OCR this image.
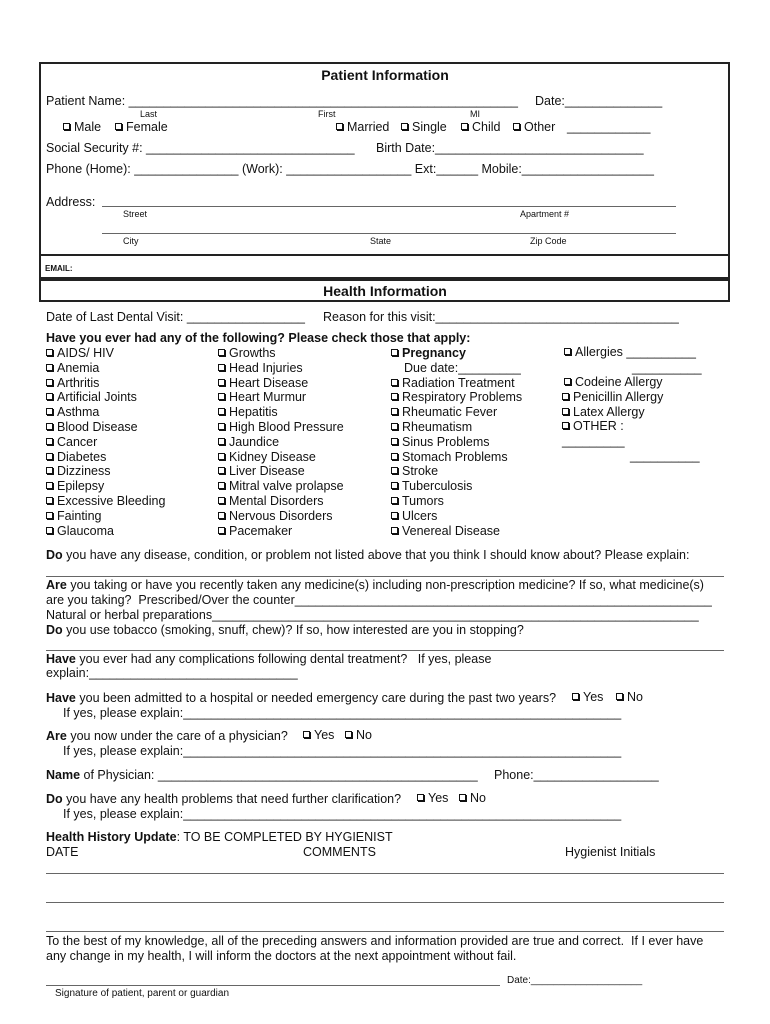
Patient Information
Patient Name: ________________________________________________________ Date:______________
Last	First	MI
Male	Female	Married	Single	Child	Other ____________
Social Security #: ______________________________ Birth Date:______________________________
Phone (Home): _______________ (Work): __________________ Ext:______ Mobile:___________________
Address:
Street	Apartment #
City	State	Zip Code
EMAIL:
Health Information
Date of Last Dental Visit: _________________ Reason for this visit:___________________________________
Have you ever had any of the following? Please check those that apply:
AIDS/ HIV
Anemia
Arthritis
Artificial Joints
Asthma
Blood Disease
Cancer
Diabetes
Dizziness
Epilepsy
Excessive Bleeding
Fainting
Glaucoma
Growths
Head Injuries
Heart Disease
Heart Murmur
Hepatitis
High Blood Pressure
Jaundice
Kidney Disease
Liver Disease
Mitral valve prolapse
Mental Disorders
Nervous Disorders
Pacemaker
Pregnancy
Due date:_________
Radiation Treatment
Respiratory Problems
Rheumatic Fever
Rheumatism
Sinus Problems
Stomach Problems
Stroke
Tuberculosis
Tumors
Ulcers
Venereal Disease
Allergies __________
__________
Codeine Allergy
Penicillin Allergy
Latex Allergy
OTHER :
_________
__________
Do you have any disease, condition, or problem not listed above that you think I should know about? Please explain:
Are you taking or have you recently taken any medicine(s) including non-prescription medicine? If so, what medicine(s)
are you taking?  Prescribed/Over the counter____________________________________________________________
Natural or herbal preparations______________________________________________________________________
Do you use tobacco (smoking, snuff, chew)? If so, how interested are you in stopping?
Have you ever had any complications following dental treatment?   If yes, please
explain:______________________________
Have you been admitted to a hospital or needed emergency care during the past two years?	Yes	No
If yes, please explain:_______________________________________________________________
Are you now under the care of a physician?	Yes	No
If yes, please explain:_______________________________________________________________
Name of Physician: ______________________________________________ Phone:__________________
Do you have any health problems that need further clarification?	Yes	No
If yes, please explain:_______________________________________________________________
Health History Update: TO BE COMPLETED BY HYGIENIST
DATE	COMMENTS	Hygienist Initials
To the best of my knowledge, all of the preceding answers and information provided are true and correct.  If I ever have
any change in my health, I will inform the doctors at the next appointment without fail.
Date:____________________
Signature of patient, parent or guardian
